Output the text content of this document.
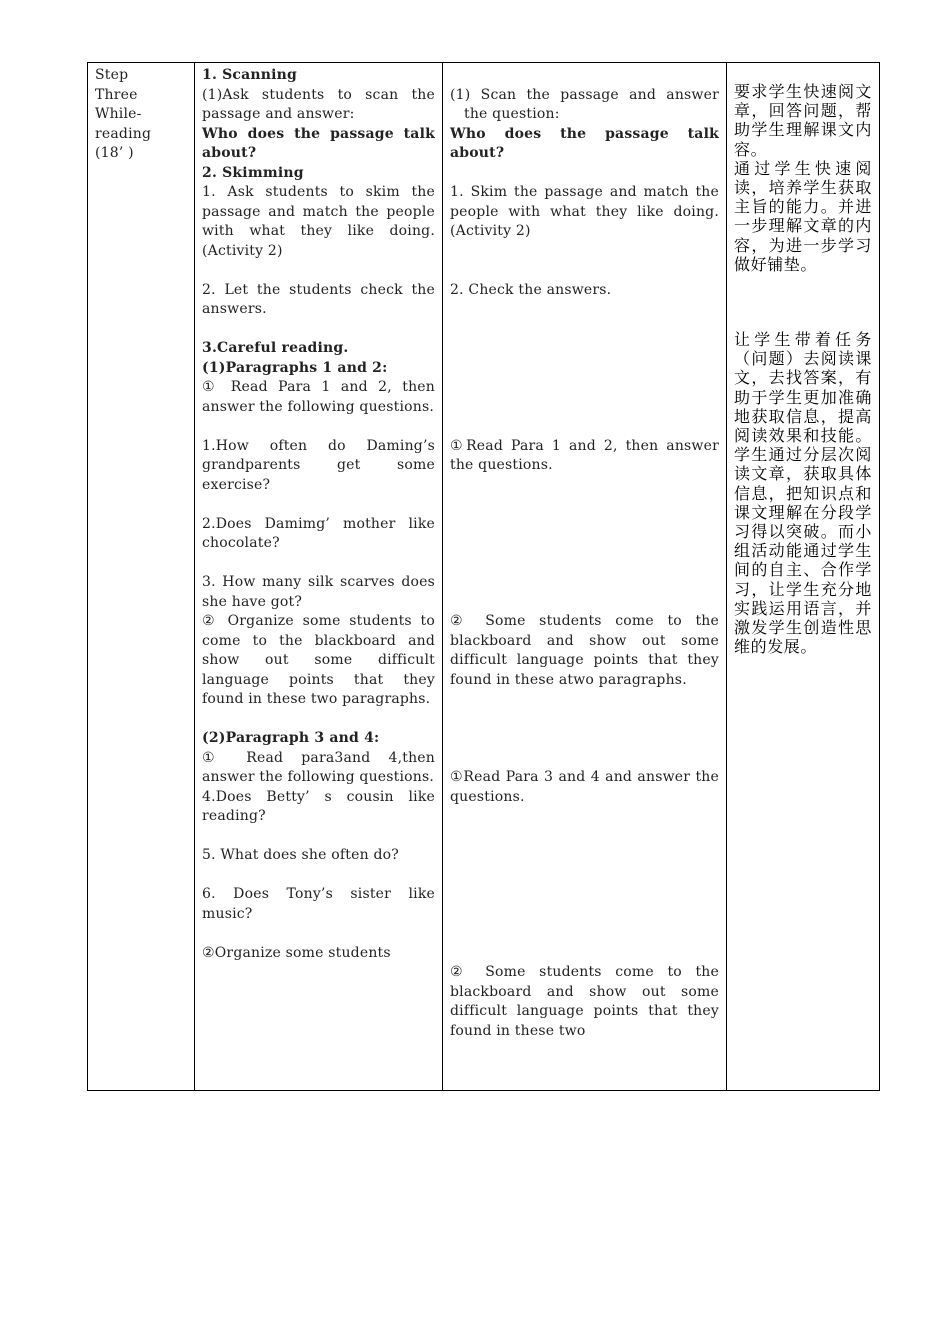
Step
Three
While-
reading
(18’ )

1. Scanning
(1)Ask students to scan the passage and answer:
Who does the passage talk about?
2. Skimming
1. Ask students to skim the passage and match the people with what they like doing. (Activity 2)
2. Let the students check the answers.
3.Careful reading.
(1)Paragraphs 1 and 2:
① Read Para 1 and 2, then answer the following questions.
1.How often do Daming’s grandparents get some exercise?
2.Does Damimg’ mother like chocolate?
3. How many silk scarves does she have got?
② Organize some students to come to the blackboard and show out some difficult language points that they found in these two paragraphs.
(2)Paragraph 3 and 4:
① Read para3and 4,then answer the following questions.
4.Does Betty’ s cousin like reading?
5. What does she often do?
6. Does Tony’s sister like music?
②Organize some students

(1) Scan the passage and answer the question:
Who does the passage talk about?
1. Skim the passage and match the people with what they like doing. (Activity 2)
2. Check the answers.
①Read Para 1 and 2, then answer the questions.
② Some students come to the blackboard and show out some difficult language points that they found in these atwo paragraphs.
①Read Para 3 and 4 and answer the questions.
② Some students come to the blackboard and show out some difficult language points that they found in these two

要求学生快速阅文章，回答问题，帮助学生理解课文内容。
通过学生快速阅读，培养学生获取主旨的能力。并进一步理解文章的内容，为进一步学习做好铺垫。
让学生带着任务（问题）去阅读课文，去找答案，有助于学生更加准确地获取信息，提高阅读效果和技能。学生通过分层次阅读文章，获取具体信息，把知识点和课文理解在分段学习得以突破。而小组活动能通过学生间的自主、合作学习，让学生充分地实践运用语言，并激发学生创造性思维的发展。
